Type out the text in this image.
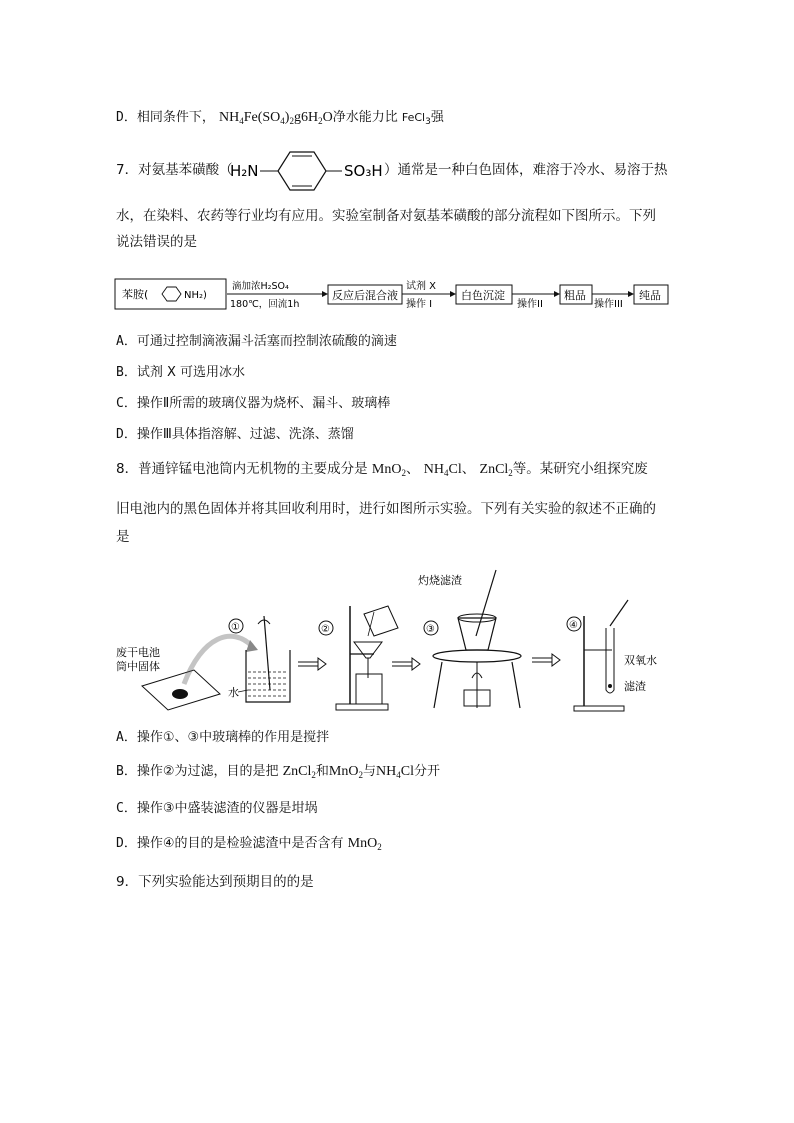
D．相同条件下， $NH_4Fe(SO_4)_2g6H_2O$净水能力比 FeCl$_3$强
7．对氨基苯磺酸（
H₂N	SO₃H ）通常是一种白色固体，难溶于冷水、易溶于热
水，在染料、农药等行业均有应用。实验室制备对氨基苯磺酸的部分流程如下图所示。下列
说法错误的是
苯胺(	NH₂)
滴加浓H₂SO₄
180℃，回流1h
反应后混合液
试剂 X
操作 I
白色沉淀
操作II
粗品
操作III
纯品
A．可通过控制滴液漏斗活塞而控制浓硫酸的滴速
B．试剂 X 可选用冰水
C．操作Ⅱ所需的玻璃仪器为烧杯、漏斗、玻璃棒
D．操作Ⅲ具体指溶解、过滤、洗涤、蒸馏
8．普通锌锰电池筒内无机物的主要成分是 MnO$_2$、 $NH_4Cl$、 ZnCl$_2$等。某研究小组探究废
旧电池内的黑色固体并将其回收利用时，进行如图所示实验。下列有关实验的叙述不正确的
是
废干电池
筒中固体
①
水
②
灼烧滤渣
③	④
双氧水
滤渣
A．操作①、③中玻璃棒的作用是搅拌
B．操作②为过滤，目的是把 ZnCl$_2$和MnO$_2$与$NH_4Cl$分开
C．操作③中盛装滤渣的仪器是坩埚
D．操作④的目的是检验滤渣中是否含有 MnO$_2$
9．下列实验能达到预期目的的是
